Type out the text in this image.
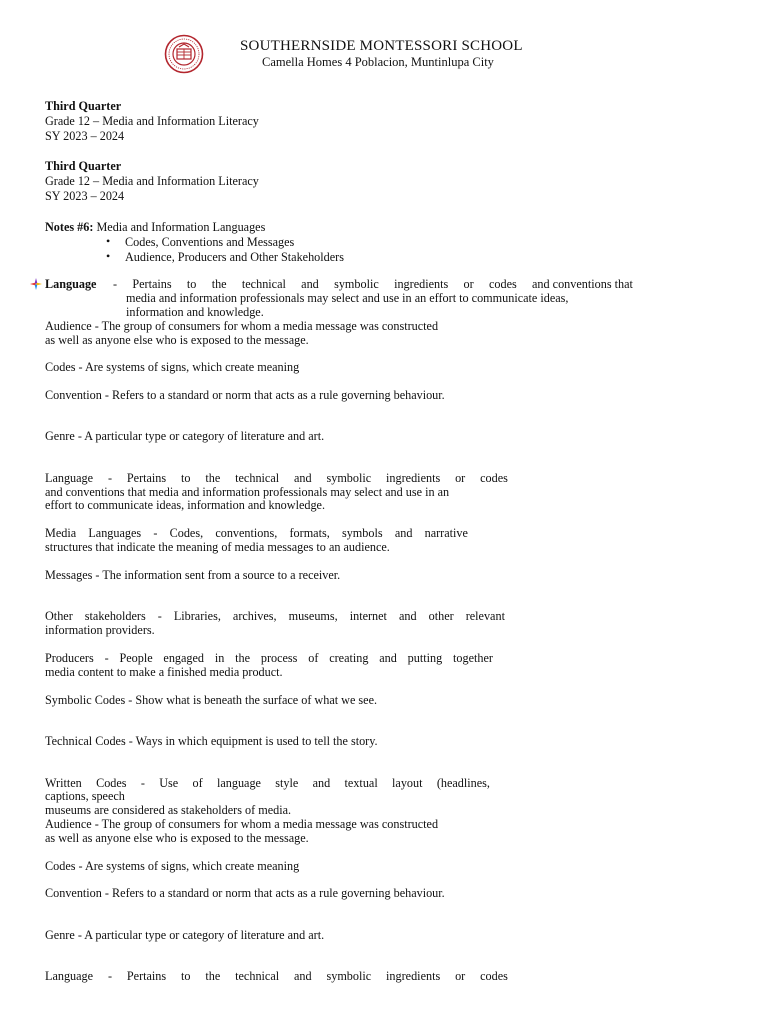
SOUTHERNSIDE MONTESSORI SCHOOL
Camella Homes 4 Poblacion, Muntinlupa City
Third Quarter
Grade 12 – Media and Information Literacy
SY 2023 – 2024
Third Quarter
Grade 12 – Media and Information Literacy
SY 2023 – 2024
Notes #6: Media and Information Languages
• Codes, Conventions and Messages
• Audience, Producers and Other Stakeholders
Language - Pertains to the technical and symbolic ingredients or codes and conventions that
media and information professionals may select and use in an effort to communicate ideas,
information and knowledge.
Audience - The group of consumers for whom a media message was constructed
as well as anyone else who is exposed to the message.
Codes - Are systems of signs, which create meaning
Convention - Refers to a standard or norm that acts as a rule governing behaviour.
Genre - A particular type or category of literature and art.
Language - Pertains to the technical and symbolic ingredients or codes
and conventions that media and information professionals may select and use in an
effort to communicate ideas, information and knowledge.
Media Languages - Codes, conventions, formats, symbols and narrative
structures that indicate the meaning of media messages to an audience.
Messages - The information sent from a source to a receiver.
Other stakeholders - Libraries, archives, museums, internet and other relevant
information providers.
Producers - People engaged in the process of creating and putting together
media content to make a finished media product.
Symbolic Codes - Show what is beneath the surface of what we see.
Technical Codes - Ways in which equipment is used to tell the story.
Written Codes - Use of language style and textual layout (headlines,
captions, speech
museums are considered as stakeholders of media.
Audience - The group of consumers for whom a media message was constructed
as well as anyone else who is exposed to the message.
Codes - Are systems of signs, which create meaning
Convention - Refers to a standard or norm that acts as a rule governing behaviour.
Genre - A particular type or category of literature and art.
Language - Pertains to the technical and symbolic ingredients or codes
